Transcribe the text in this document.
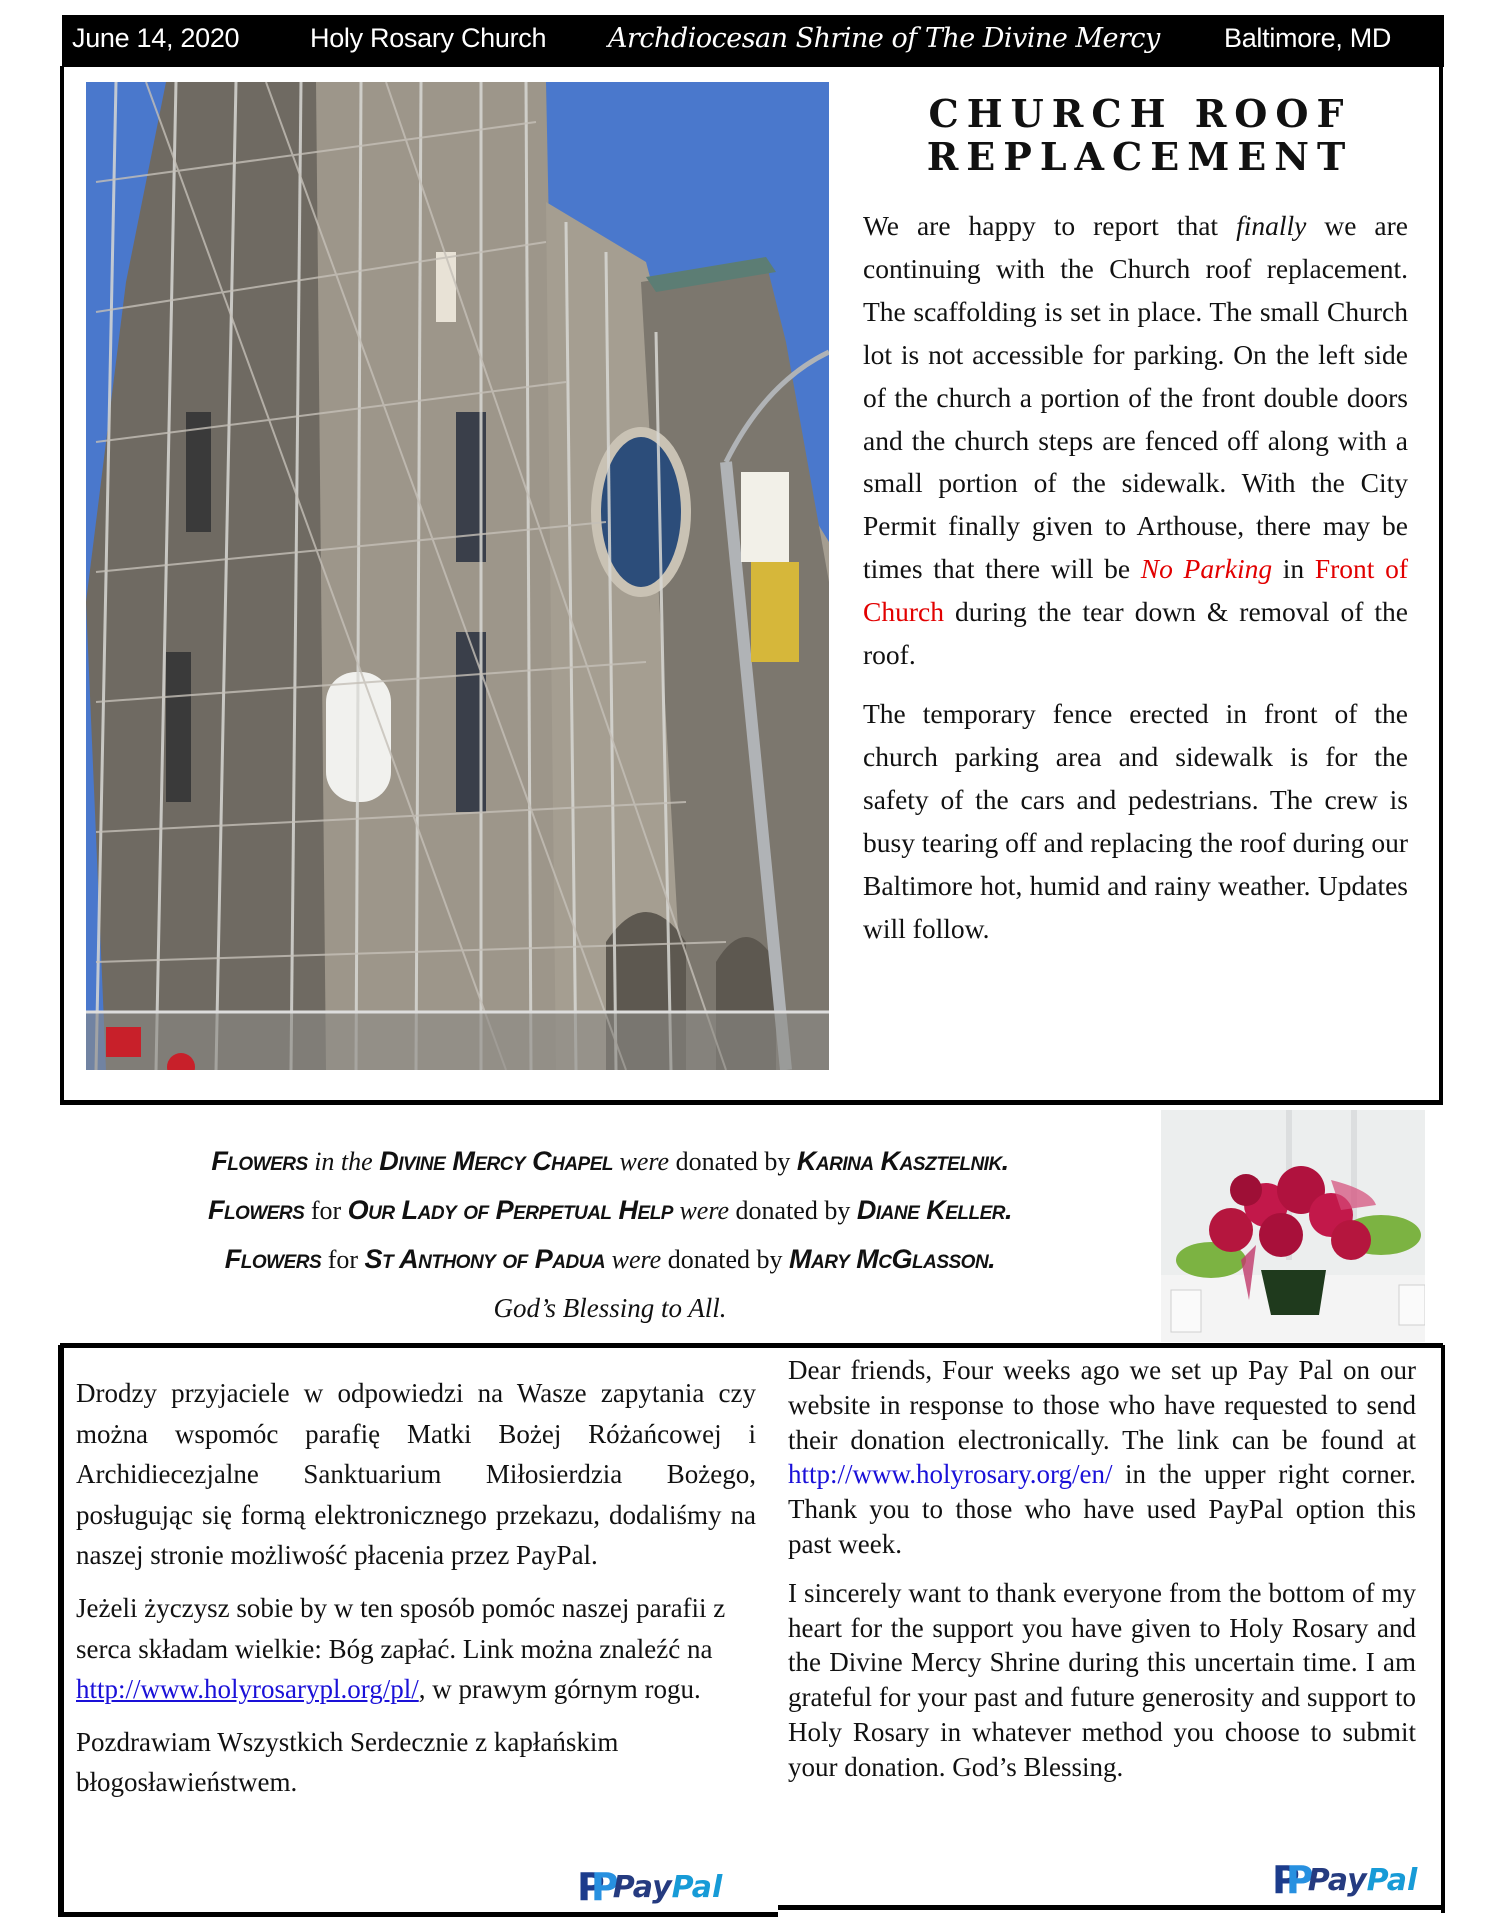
June 14, 2020	Holy Rosary Church Archdiocesan Shrine of The Divine Mercy Baltimore, MD
CHURCH ROOF
REPLACEMENT

We are happy to report that finally we are continuing with the Church roof replacement. The scaffolding is set in place. The small Church lot is not accessible for parking. On the left side of the church a portion of the front double doors and the church steps are fenced off along with a small portion of the sidewalk. With the City Permit finally given to Arthouse, there may be times that there will be No Parking in Front of Church during the tear down & removal of the roof.

The temporary fence erected in front of the church parking area and sidewalk is for the safety of the cars and pedestrians. The crew is busy tearing off and replacing the roof during our Baltimore hot, humid and rainy weather. Updates will follow.

Flowers in the Divine Mercy Chapel were donated by Karina Kasztelnik.
Flowers for Our Lady of Perpetual Help were donated by Diane Keller.
Flowers for St Anthony of Padua were donated by Mary McGlasson.
God’s Blessing to All.

Drodzy przyjaciele w odpowiedzi na Wasze zapytania czy można wspomóc parafię Matki Bożej Różańcowej i Archidiecezjalne Sanktuarium Miłosierdzia Bożego, posługując się formą elektronicznego przekazu, dodaliśmy na naszej stronie możliwość płacenia przez PayPal.

Jeżeli życzysz sobie by w ten sposób pomóc naszej parafii z serca składam wielkie: Bóg zapłać. Link można znaleźć na http://www.holyrosarypl.org/pl/, w prawym górnym rogu.

Pozdrawiam Wszystkich Serdecznie z kapłańskim błogosławieństwem.

PP PayPal

Dear friends, Four weeks ago we set up Pay Pal on our website in response to those who have requested to send their donation electronically. The link can be found at http://www.holyrosary.org/en/ in the upper right corner. Thank you to those who have used PayPal option this past week.

I sincerely want to thank everyone from the bottom of my heart for the support you have given to Holy Rosary and the Divine Mercy Shrine during this uncertain time. I am grateful for your past and future generosity and support to Holy Rosary in whatever method you choose to submit your donation. God’s Blessing.

PP PayPal
